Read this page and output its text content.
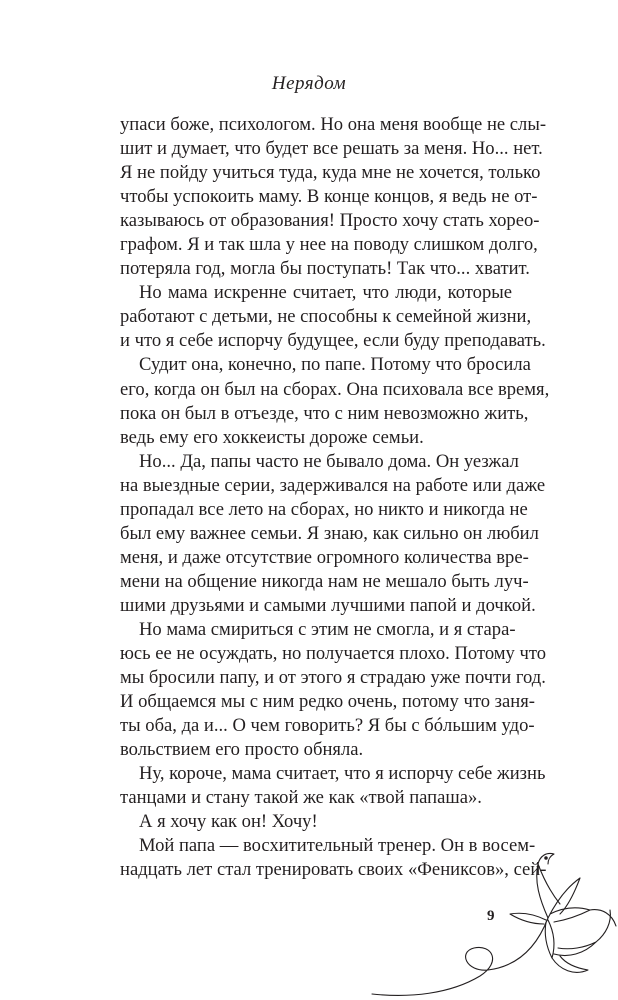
Нерядом
упаси боже, психологом. Но она меня вообще не слы-
шит и думает, что будет все решать за меня. Но... нет.
Я не пойду учиться туда, куда мне не хочется, только
чтобы успокоить маму. В конце концов, я ведь не от-
казываюсь от образования! Просто хочу стать хорео-
графом. Я и так шла у нее на поводу слишком долго,
потеряла год, могла бы поступать! Так что... хватит.
Но мама искренне считает, что люди, которые
работают с детьми, не способны к семейной жизни,
и что я себе испорчу будущее, если буду преподавать.
Судит она, конечно, по папе. Потому что бросила
его, когда он был на сборах. Она психовала все время,
пока он был в отъезде, что с ним невозможно жить,
ведь ему его хоккеисты дороже семьи.
Но... Да, папы часто не бывало дома. Он уезжал
на выездные серии, задерживался на работе или даже
пропадал все лето на сборах, но никто и никогда не
был ему важнее семьи. Я знаю, как сильно он любил
меня, и даже отсутствие огромного количества вре-
мени на общение никогда нам не мешало быть луч-
шими друзьями и самыми лучшими папой и дочкой.
Но мама смириться с этим не смогла, и я стара-
юсь ее не осуждать, но получается плохо. Потому что
мы бросили папу, и от этого я страдаю уже почти год.
И общаемся мы с ним редко очень, потому что заня-
ты оба, да и... О чем говорить? Я бы с бóльшим удо-
вольствием его просто обняла.
Ну, короче, мама считает, что я испорчу себе жизнь
танцами и стану такой же как «твой папаша».
А я хочу как он! Хочу!
Мой папа — восхитительный тренер. Он в восем-
надцать лет стал тренировать своих «Фениксов», сей-
9
